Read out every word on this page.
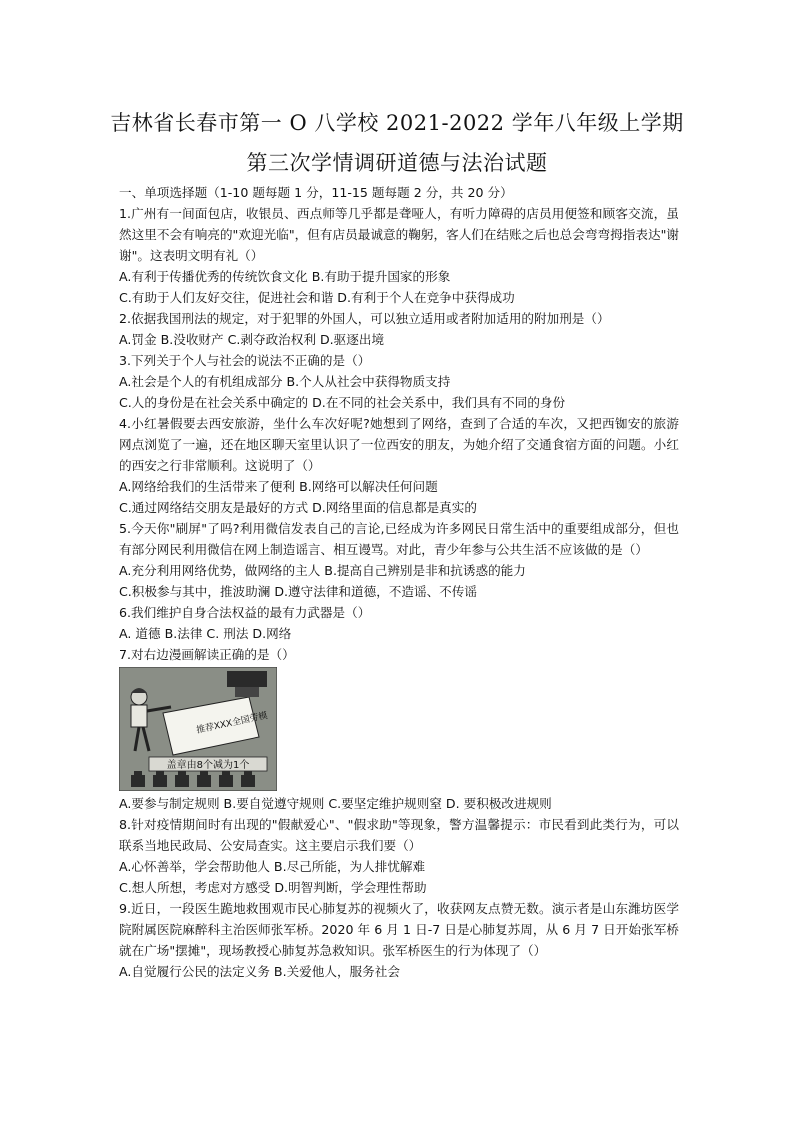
吉林省长春市第一 O 八学校 2021-2022 学年八年级上学期
第三次学情调研道德与法治试题
一、单项选择题（1-10 题每题 1 分，11-15 题每题 2 分，共 20 分）
1.广州有一间面包店，收银员、西点师等几乎都是聋哑人，有听力障碍的店员用便签和顾客交流，虽然这里不会有响亮的"欢迎光临"，但有店员最诚意的鞠躬，客人们在结账之后也总会弯弯拇指表达"谢谢"。这表明文明有礼（）
A.有利于传播优秀的传统饮食文化 B.有助于提升国家的形象
C.有助于人们友好交往，促进社会和谐 D.有利于个人在竞争中获得成功
2.依据我国刑法的规定，对于犯罪的外国人，可以独立适用或者附加适用的附加刑是（）
A.罚金 B.没收财产 C.剥夺政治权利 D.驱逐出境
3.下列关于个人与社会的说法不正确的是（）
A.社会是个人的有机组成部分 B.个人从社会中获得物质支持
C.人的身份是在社会关系中确定的 D.在不同的社会关系中，我们具有不同的身份
4.小红暑假要去西安旅游，坐什么车次好呢?她想到了网络，查到了合适的车次，又把西铷安的旅游网点浏览了一遍，还在地区聊天室里认识了一位西安的朋友，为她介绍了交通食宿方面的问题。小红的西安之行非常顺利。这说明了（）
A.网络给我们的生活带来了便利 B.网络可以解决任何问题
C.通过网络结交朋友是最好的方式 D.网络里面的信息都是真实的
5.今天你"刷屏"了吗?利用微信发表自己的言论,已经成为许多网民日常生活中的重要组成部分，但也有部分网民利用微信在网上制造谣言、相互谩骂。对此，青少年参与公共生活不应该做的是（）
A.充分利用网络优势，做网络的主人 B.提高自己辨别是非和抗诱惑的能力
C.积极参与其中，推波助澜 D.遵守法律和道德，不造谣、不传谣
6.我们维护自身合法权益的最有力武器是（）
A. 道德 B.法律 C. 刑法 D.网络
7.对右边漫画解读正确的是（）
推荐XXX全国劳模
盖章由8个减为1个
A.要参与制定规则 B.要自觉遵守规则 C.要坚定维护规则窒 D. 要积极改进规则
8.针对疫情期间时有出现的"假献爱心"、"假求助"等现象，警方温馨提示：市民看到此类行为，可以联系当地民政局、公安局查实。这主要启示我们要（）
A.心怀善举，学会帮助他人 B.尽己所能，为人排忧解难
C.想人所想，考虑对方感受 D.明智判断，学会理性帮助
9.近日，一段医生跪地救围观市民心肺复苏的视频火了，收获网友点赞无数。演示者是山东潍坊医学院附属医院麻醉科主治医师张军桥。2020 年 6 月 1 日-7 日是心肺复苏周，从 6 月 7 日开始张军桥就在广场"摆摊"，现场教授心肺复苏急救知识。张军桥医生的行为体现了（）
A.自觉履行公民的法定义务 B.关爱他人，服务社会
